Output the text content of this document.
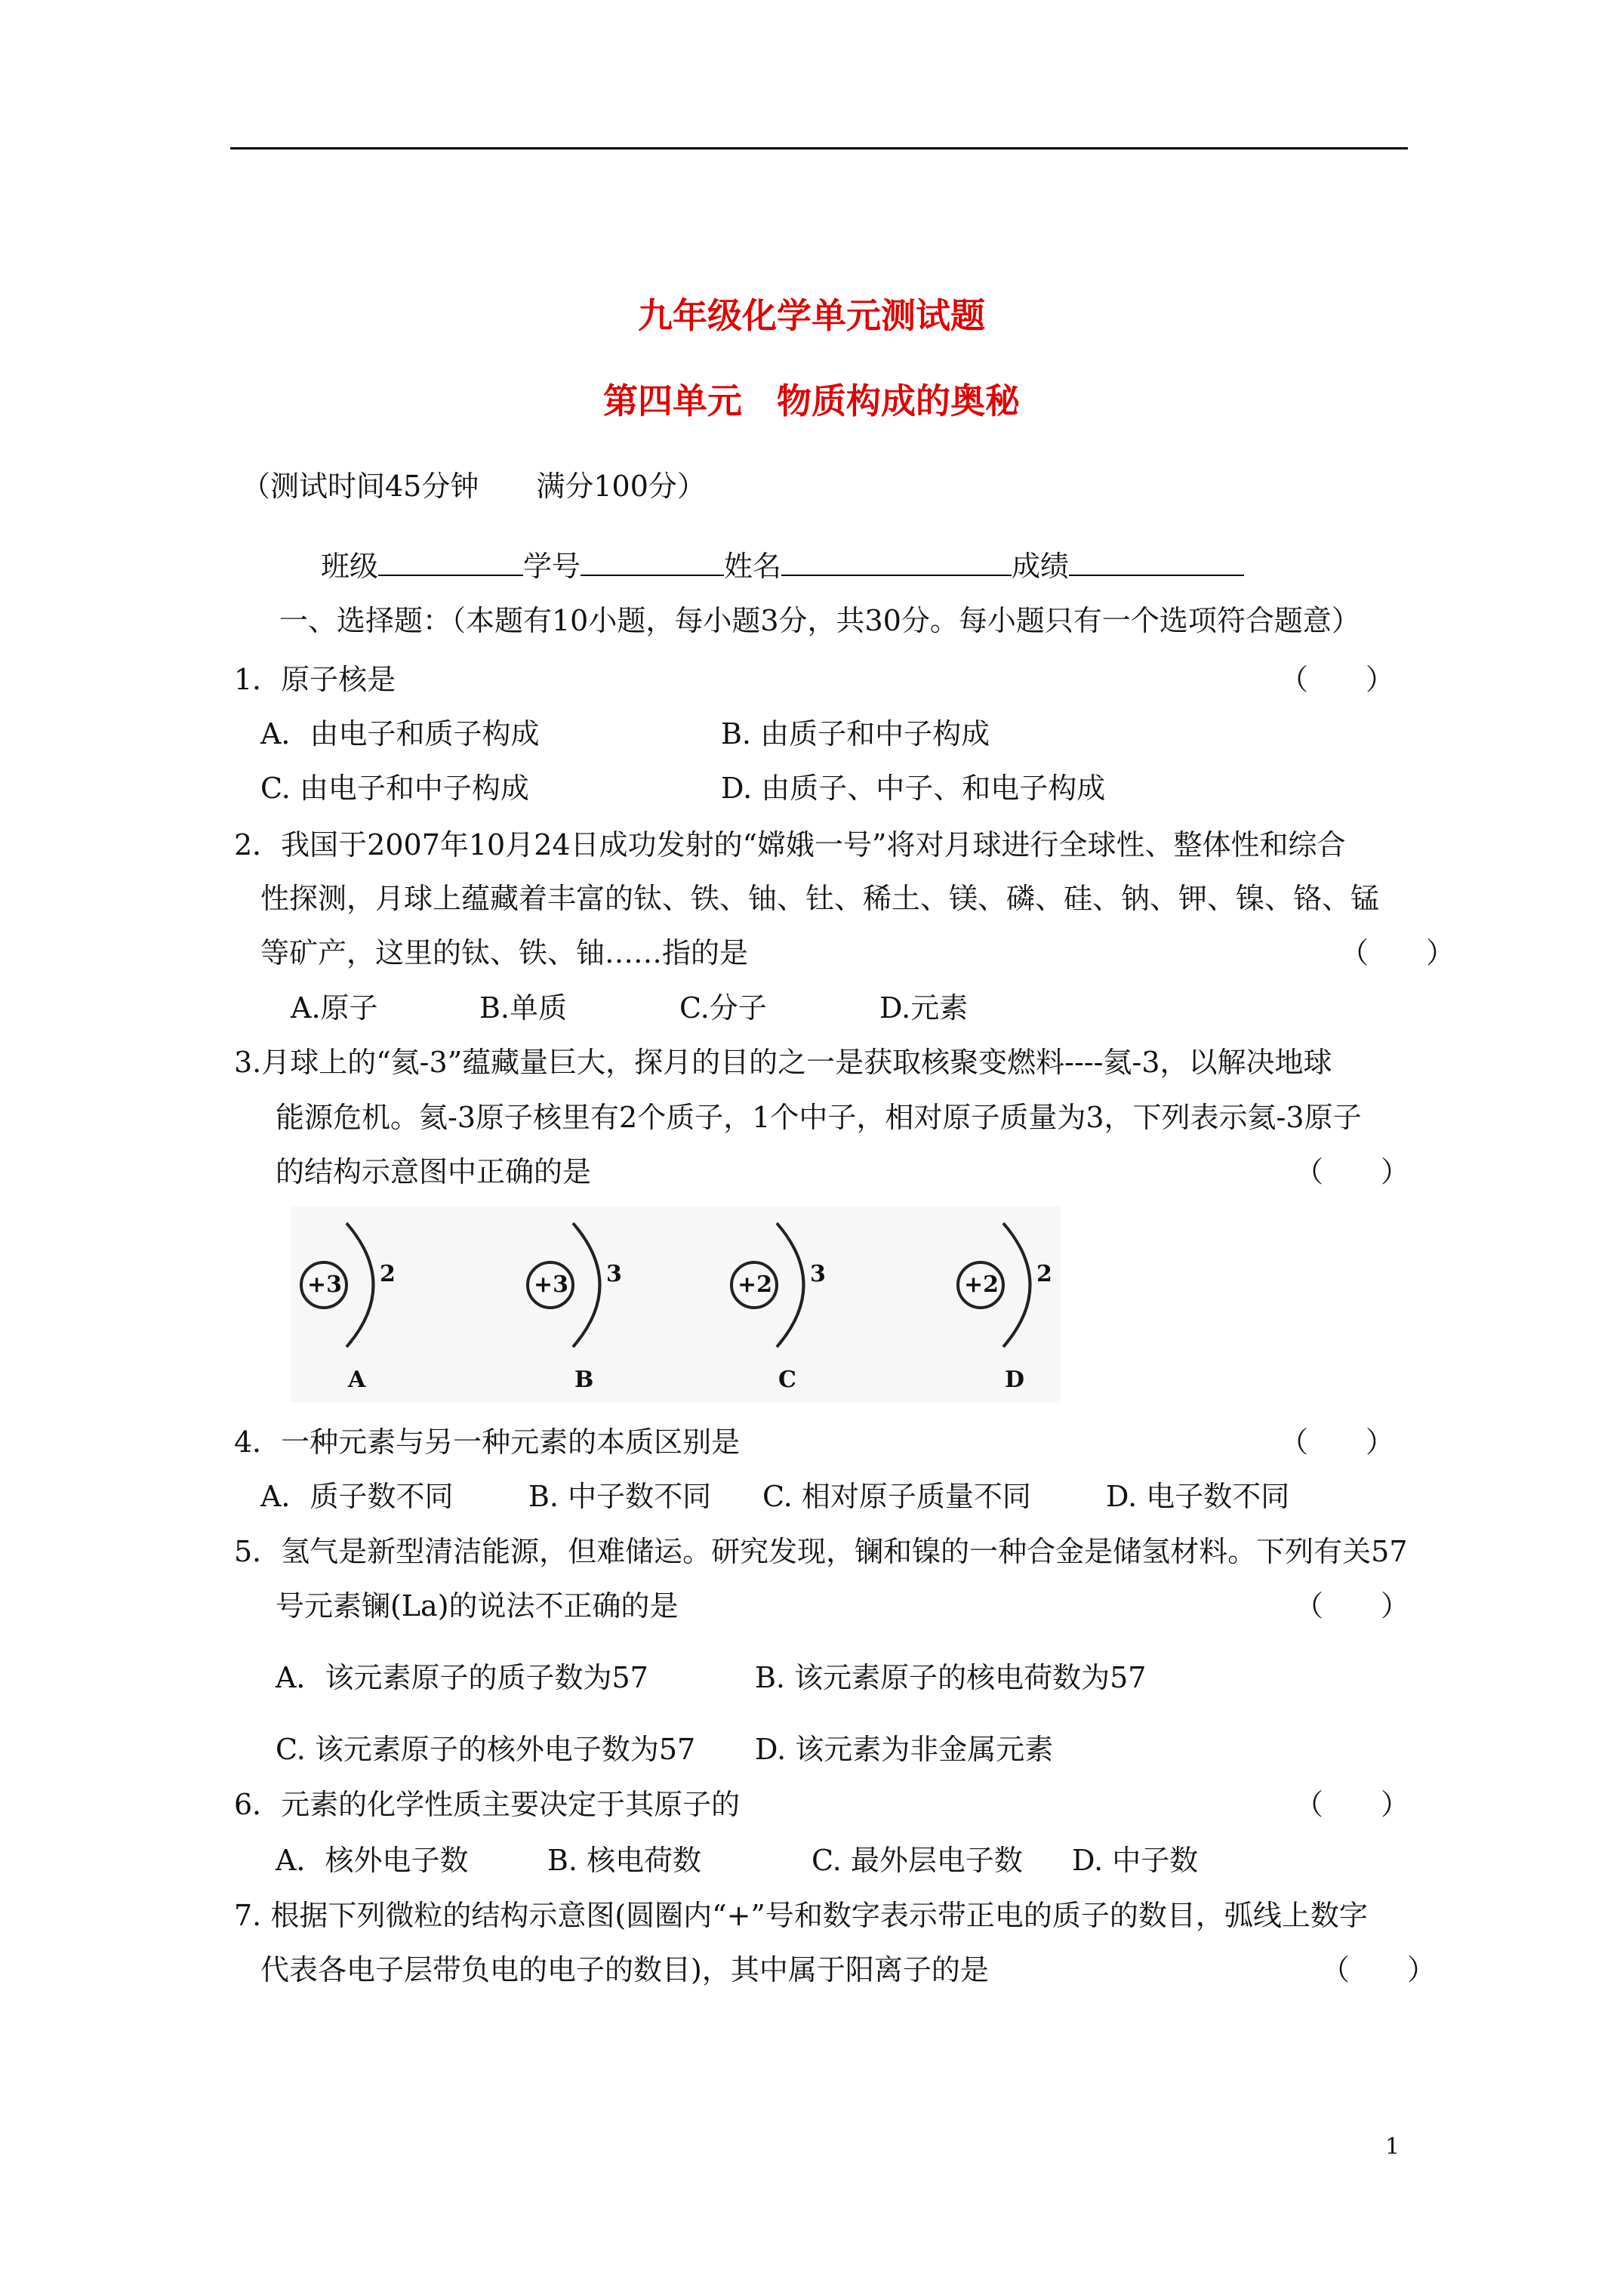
九年级化学单元测试题
第四单元　物质构成的奥秘
（测试时间45分钟　　满分100分）
班级	学号	姓名	成绩
一、选择题：（本题有10小题，每小题3分，共30分。每小题只有一个选项符合题意）
1．原子核是	（　　）
A．由电子和质子构成	B. 由质子和中子构成
C. 由电子和中子构成	D. 由质子、中子、和电子构成
2．我国于2007年10月24日成功发射的“嫦娥一号”将对月球进行全球性、整体性和综合
性探测，月球上蕴藏着丰富的钛、铁、铀、钍、稀土、镁、磷、硅、钠、钾、镍、铬、锰
等矿产，这里的钛、铁、铀……指的是	（　　）
A.原子	B.单质	C.分子	D.元素
3.月球上的“氦-3”蕴藏量巨大，探月的目的之一是获取核聚变燃料----氦-3，以解决地球
能源危机。氦-3原子核里有2个质子，1个中子，相对原子质量为3，下列表示氦-3原子
的结构示意图中正确的是	（　　）
+3 2
A
+3 3
B
+2 3
C
+2 2
D
4．一种元素与另一种元素的本质区别是	（　　）
A．质子数不同	B. 中子数不同 C. 相对原子质量不同	D. 电子数不同
5．氢气是新型清洁能源，但难储运。研究发现，镧和镍的一种合金是储氢材料。下列有关57
号元素镧(La)的说法不正确的是	（　　）
A．该元素原子的质子数为57	B. 该元素原子的核电荷数为57
C. 该元素原子的核外电子数为57 D. 该元素为非金属元素
6．元素的化学性质主要决定于其原子的	（　　）
A．核外电子数	B. 核电荷数	C. 最外层电子数 D. 中子数
7. 根据下列微粒的结构示意图(圆圈内“+”号和数字表示带正电的质子的数目，弧线上数字
代表各电子层带负电的电子的数目)，其中属于阳离子的是	（　　）
1
